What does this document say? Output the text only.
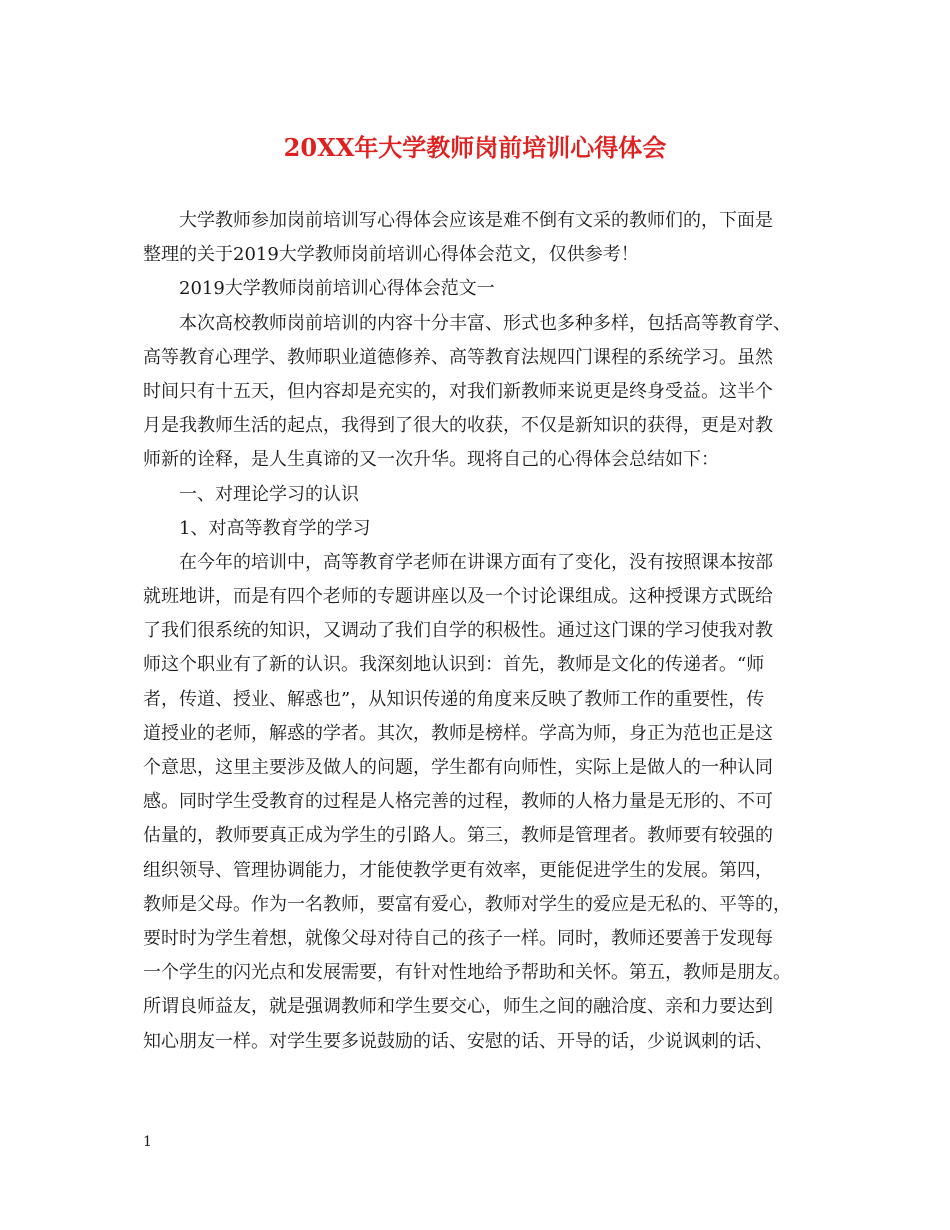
20XX年大学教师岗前培训心得体会
大学教师参加岗前培训写心得体会应该是难不倒有文采的教师们的，下面是
整理的关于2019大学教师岗前培训心得体会范文，仅供参考！
2019大学教师岗前培训心得体会范文一
本次高校教师岗前培训的内容十分丰富、形式也多种多样，包括高等教育学、
高等教育心理学、教师职业道德修养、高等教育法规四门课程的系统学习。虽然
时间只有十五天，但内容却是充实的，对我们新教师来说更是终身受益。这半个
月是我教师生活的起点，我得到了很大的收获，不仅是新知识的获得，更是对教
师新的诠释，是人生真谛的又一次升华。现将自己的心得体会总结如下：
一、对理论学习的认识
1、对高等教育学的学习
在今年的培训中，高等教育学老师在讲课方面有了变化，没有按照课本按部
就班地讲，而是有四个老师的专题讲座以及一个讨论课组成。这种授课方式既给
了我们很系统的知识，又调动了我们自学的积极性。通过这门课的学习使我对教
师这个职业有了新的认识。我深刻地认识到：首先，教师是文化的传递者。“师
者，传道、授业、解惑也”，从知识传递的角度来反映了教师工作的重要性，传
道授业的老师，解惑的学者。其次，教师是榜样。学高为师，身正为范也正是这
个意思，这里主要涉及做人的问题，学生都有向师性，实际上是做人的一种认同
感。同时学生受教育的过程是人格完善的过程，教师的人格力量是无形的、不可
估量的，教师要真正成为学生的引路人。第三，教师是管理者。教师要有较强的
组织领导、管理协调能力，才能使教学更有效率，更能促进学生的发展。第四，
教师是父母。作为一名教师，要富有爱心，教师对学生的爱应是无私的、平等的，
要时时为学生着想，就像父母对待自己的孩子一样。同时，教师还要善于发现每
一个学生的闪光点和发展需要，有针对性地给予帮助和关怀。第五，教师是朋友。
所谓良师益友，就是强调教师和学生要交心，师生之间的融洽度、亲和力要达到
知心朋友一样。对学生要多说鼓励的话、安慰的话、开导的话，少说讽刺的话、
1
